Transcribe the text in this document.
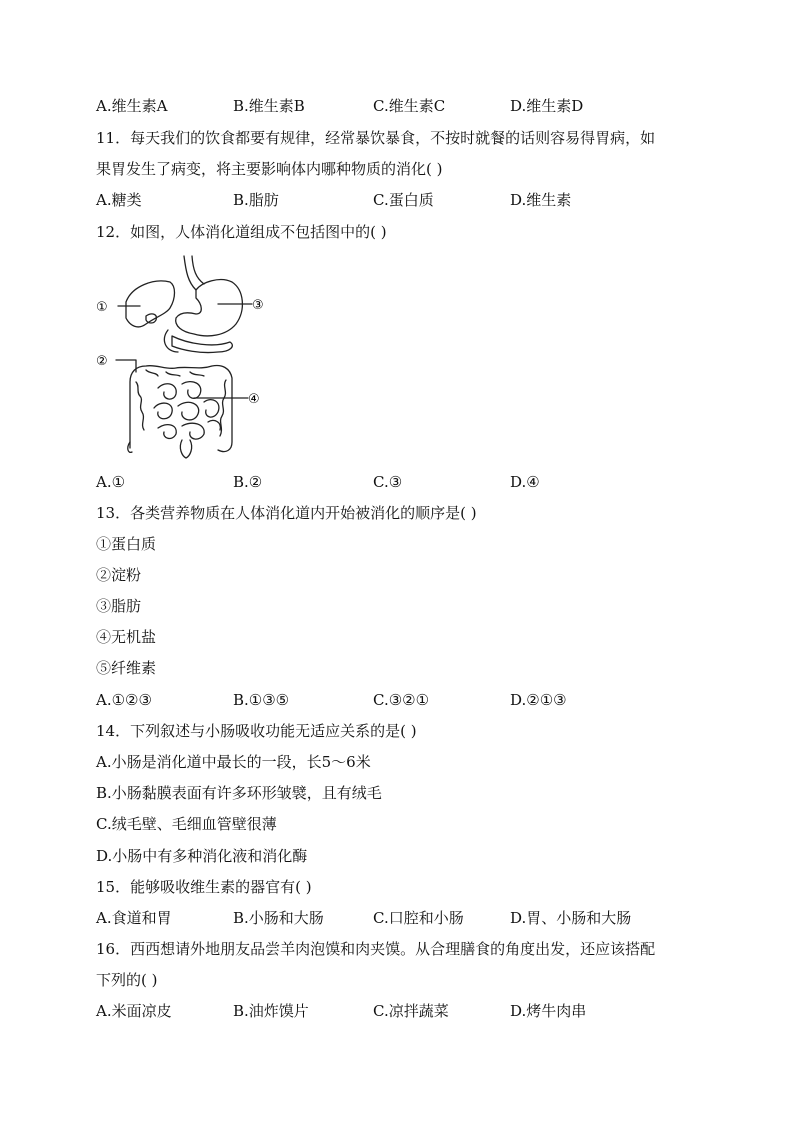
A.维生素A	B.维生素B	C.维生素C	D.维生素D
11．每天我们的饮食都要有规律，经常暴饮暴食，不按时就餐的话则容易得胃病，如
果胃发生了病变，将主要影响体内哪种物质的消化( )
A.糖类	B.脂肪	C.蛋白质	D.维生素
12．如图，人体消化道组成不包括图中的( )
①
②
③
④
A.①	B.②	C.③	D.④
13．各类营养物质在人体消化道内开始被消化的顺序是( )
①蛋白质
②淀粉
③脂肪
④无机盐
⑤纤维素
A.①②③	B.①③⑤	C.③②①	D.②①③
14．下列叙述与小肠吸收功能无适应关系的是( )
A.小肠是消化道中最长的一段，长5～6米
B.小肠黏膜表面有许多环形皱襞，且有绒毛
C.绒毛壁、毛细血管壁很薄
D.小肠中有多种消化液和消化酶
15．能够吸收维生素的器官有( )
A.食道和胃	B.小肠和大肠	C.口腔和小肠	D.胃、小肠和大肠
16．西西想请外地朋友品尝羊肉泡馍和肉夹馍。从合理膳食的角度出发，还应该搭配
下列的( )
A.米面凉皮	B.油炸馍片	C.凉拌蔬菜	D.烤牛肉串
